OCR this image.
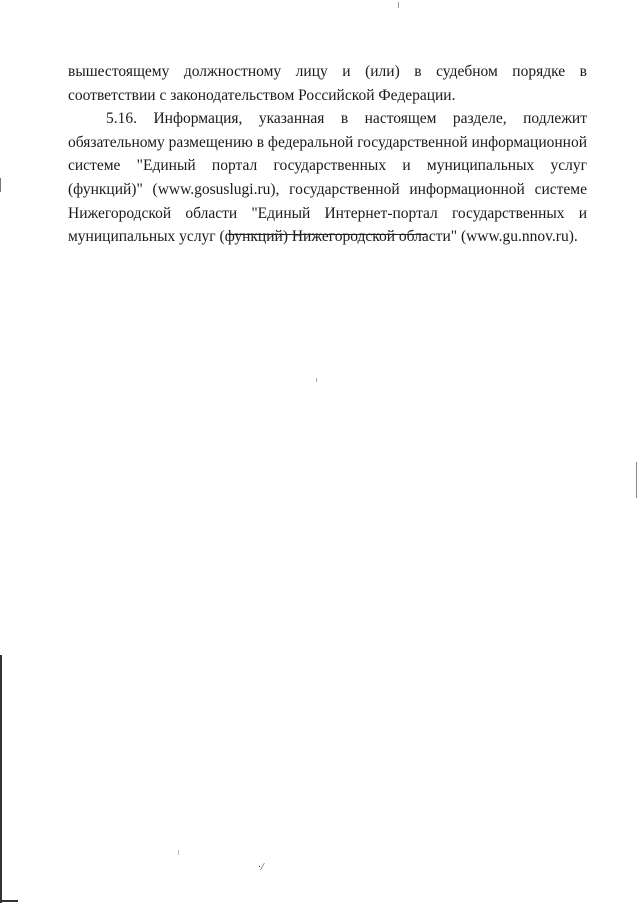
вышестоящему должностному лицу и (или) в судебном порядке в соответствии с законодательством Российской Федерации.

5.16. Информация, указанная в настоящем разделе, подлежит обязательному размещению в федеральной государственной информационной системе "Единый портал государственных и муниципальных услуг (функций)" (www.gosuslugi.ru), государственной информационной системе Нижегородской области "Единый Интернет-портал государственных и муниципальных услуг (функций) Нижегородской области" (www.gu.nnov.ru).

·/
